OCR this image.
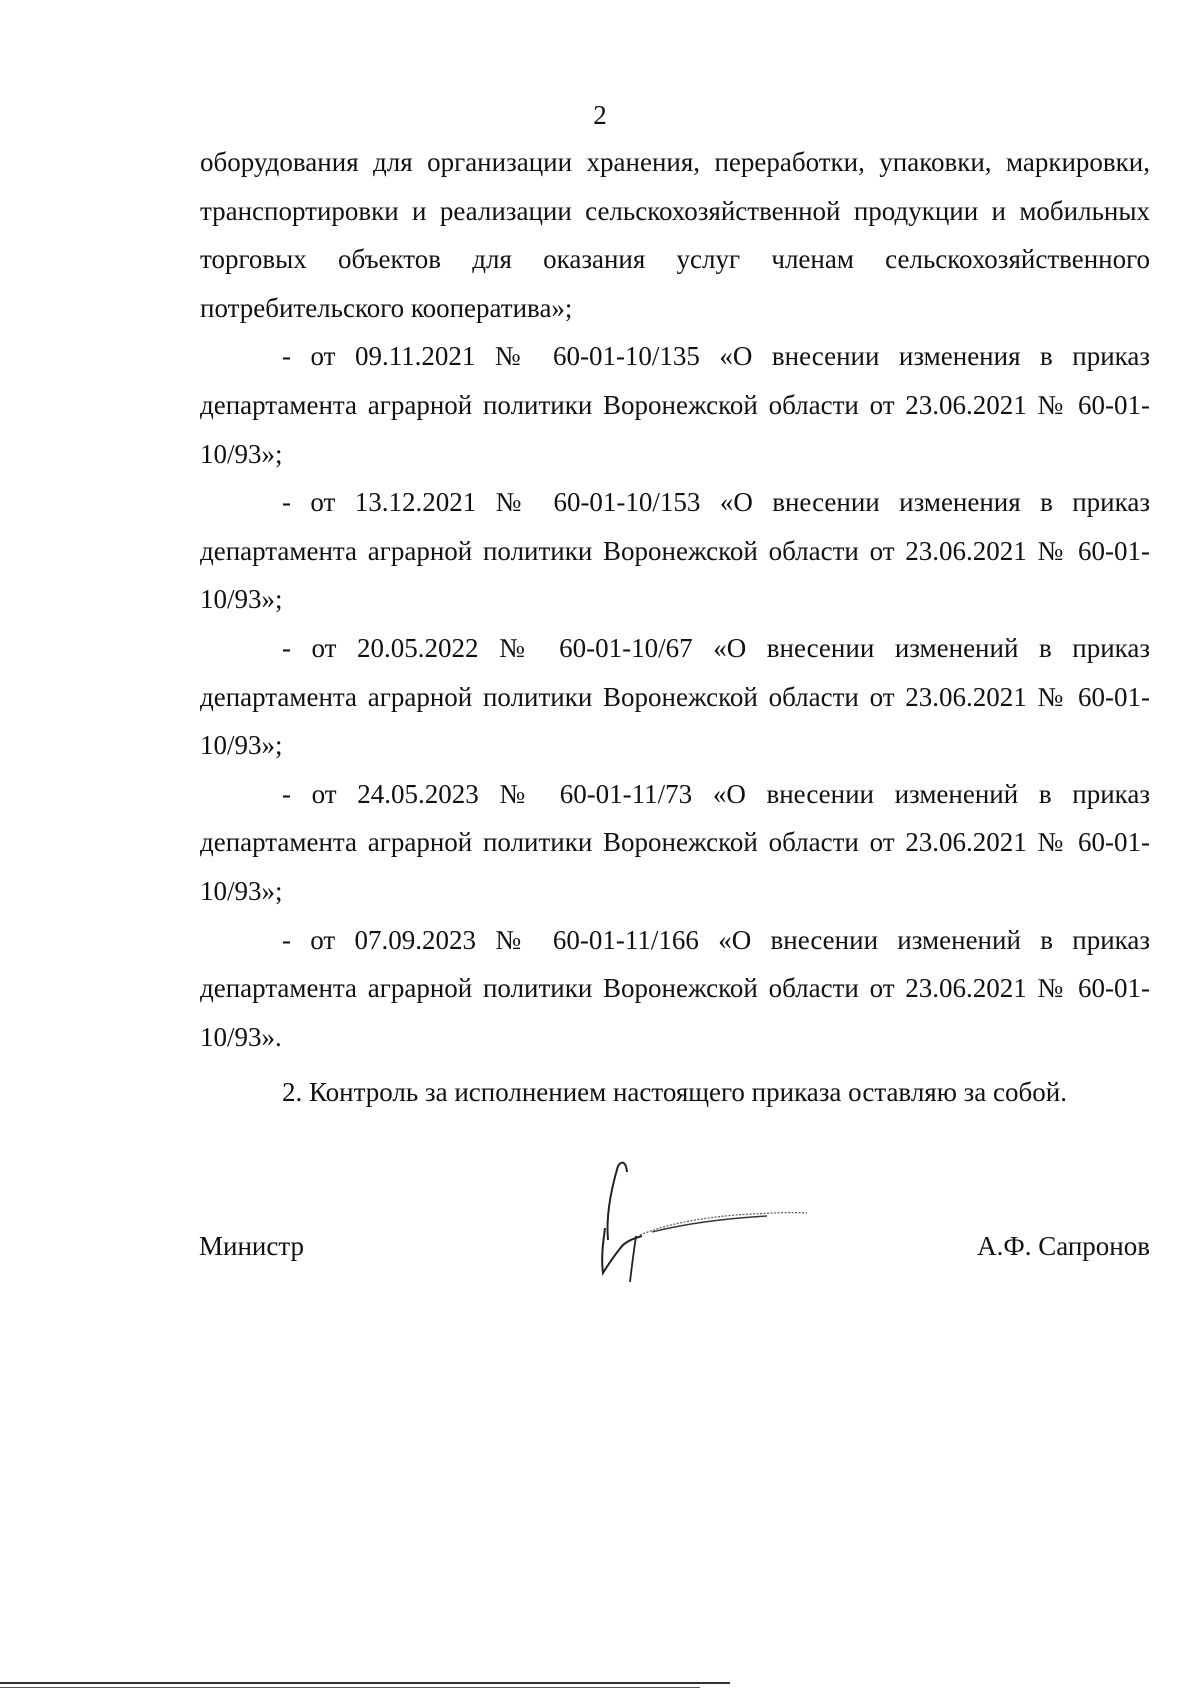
2

оборудования для организации хранения, переработки, упаковки, маркировки, транспортировки и реализации сельскохозяйственной продукции и мобильных торговых объектов для оказания услуг членам сельскохозяйственного потребительского кооператива»;

- от 09.11.2021 № 60-01-10/135 «О внесении изменения в приказ департамента аграрной политики Воронежской области от 23.06.2021 № 60-01-10/93»;

- от 13.12.2021 № 60-01-10/153 «О внесении изменения в приказ департамента аграрной политики Воронежской области от 23.06.2021 № 60-01-10/93»;

- от 20.05.2022 № 60-01-10/67 «О внесении изменений в приказ департамента аграрной политики Воронежской области от 23.06.2021 № 60-01-10/93»;

- от 24.05.2023 № 60-01-11/73 «О внесении изменений в приказ департамента аграрной политики Воронежской области от 23.06.2021 № 60-01-10/93»;

- от 07.09.2023 № 60-01-11/166 «О внесении изменений в приказ департамента аграрной политики Воронежской области от 23.06.2021 № 60-01-10/93».

2. Контроль за исполнением настоящего приказа оставляю за собой.

Министр	А.Ф. Сапронов
